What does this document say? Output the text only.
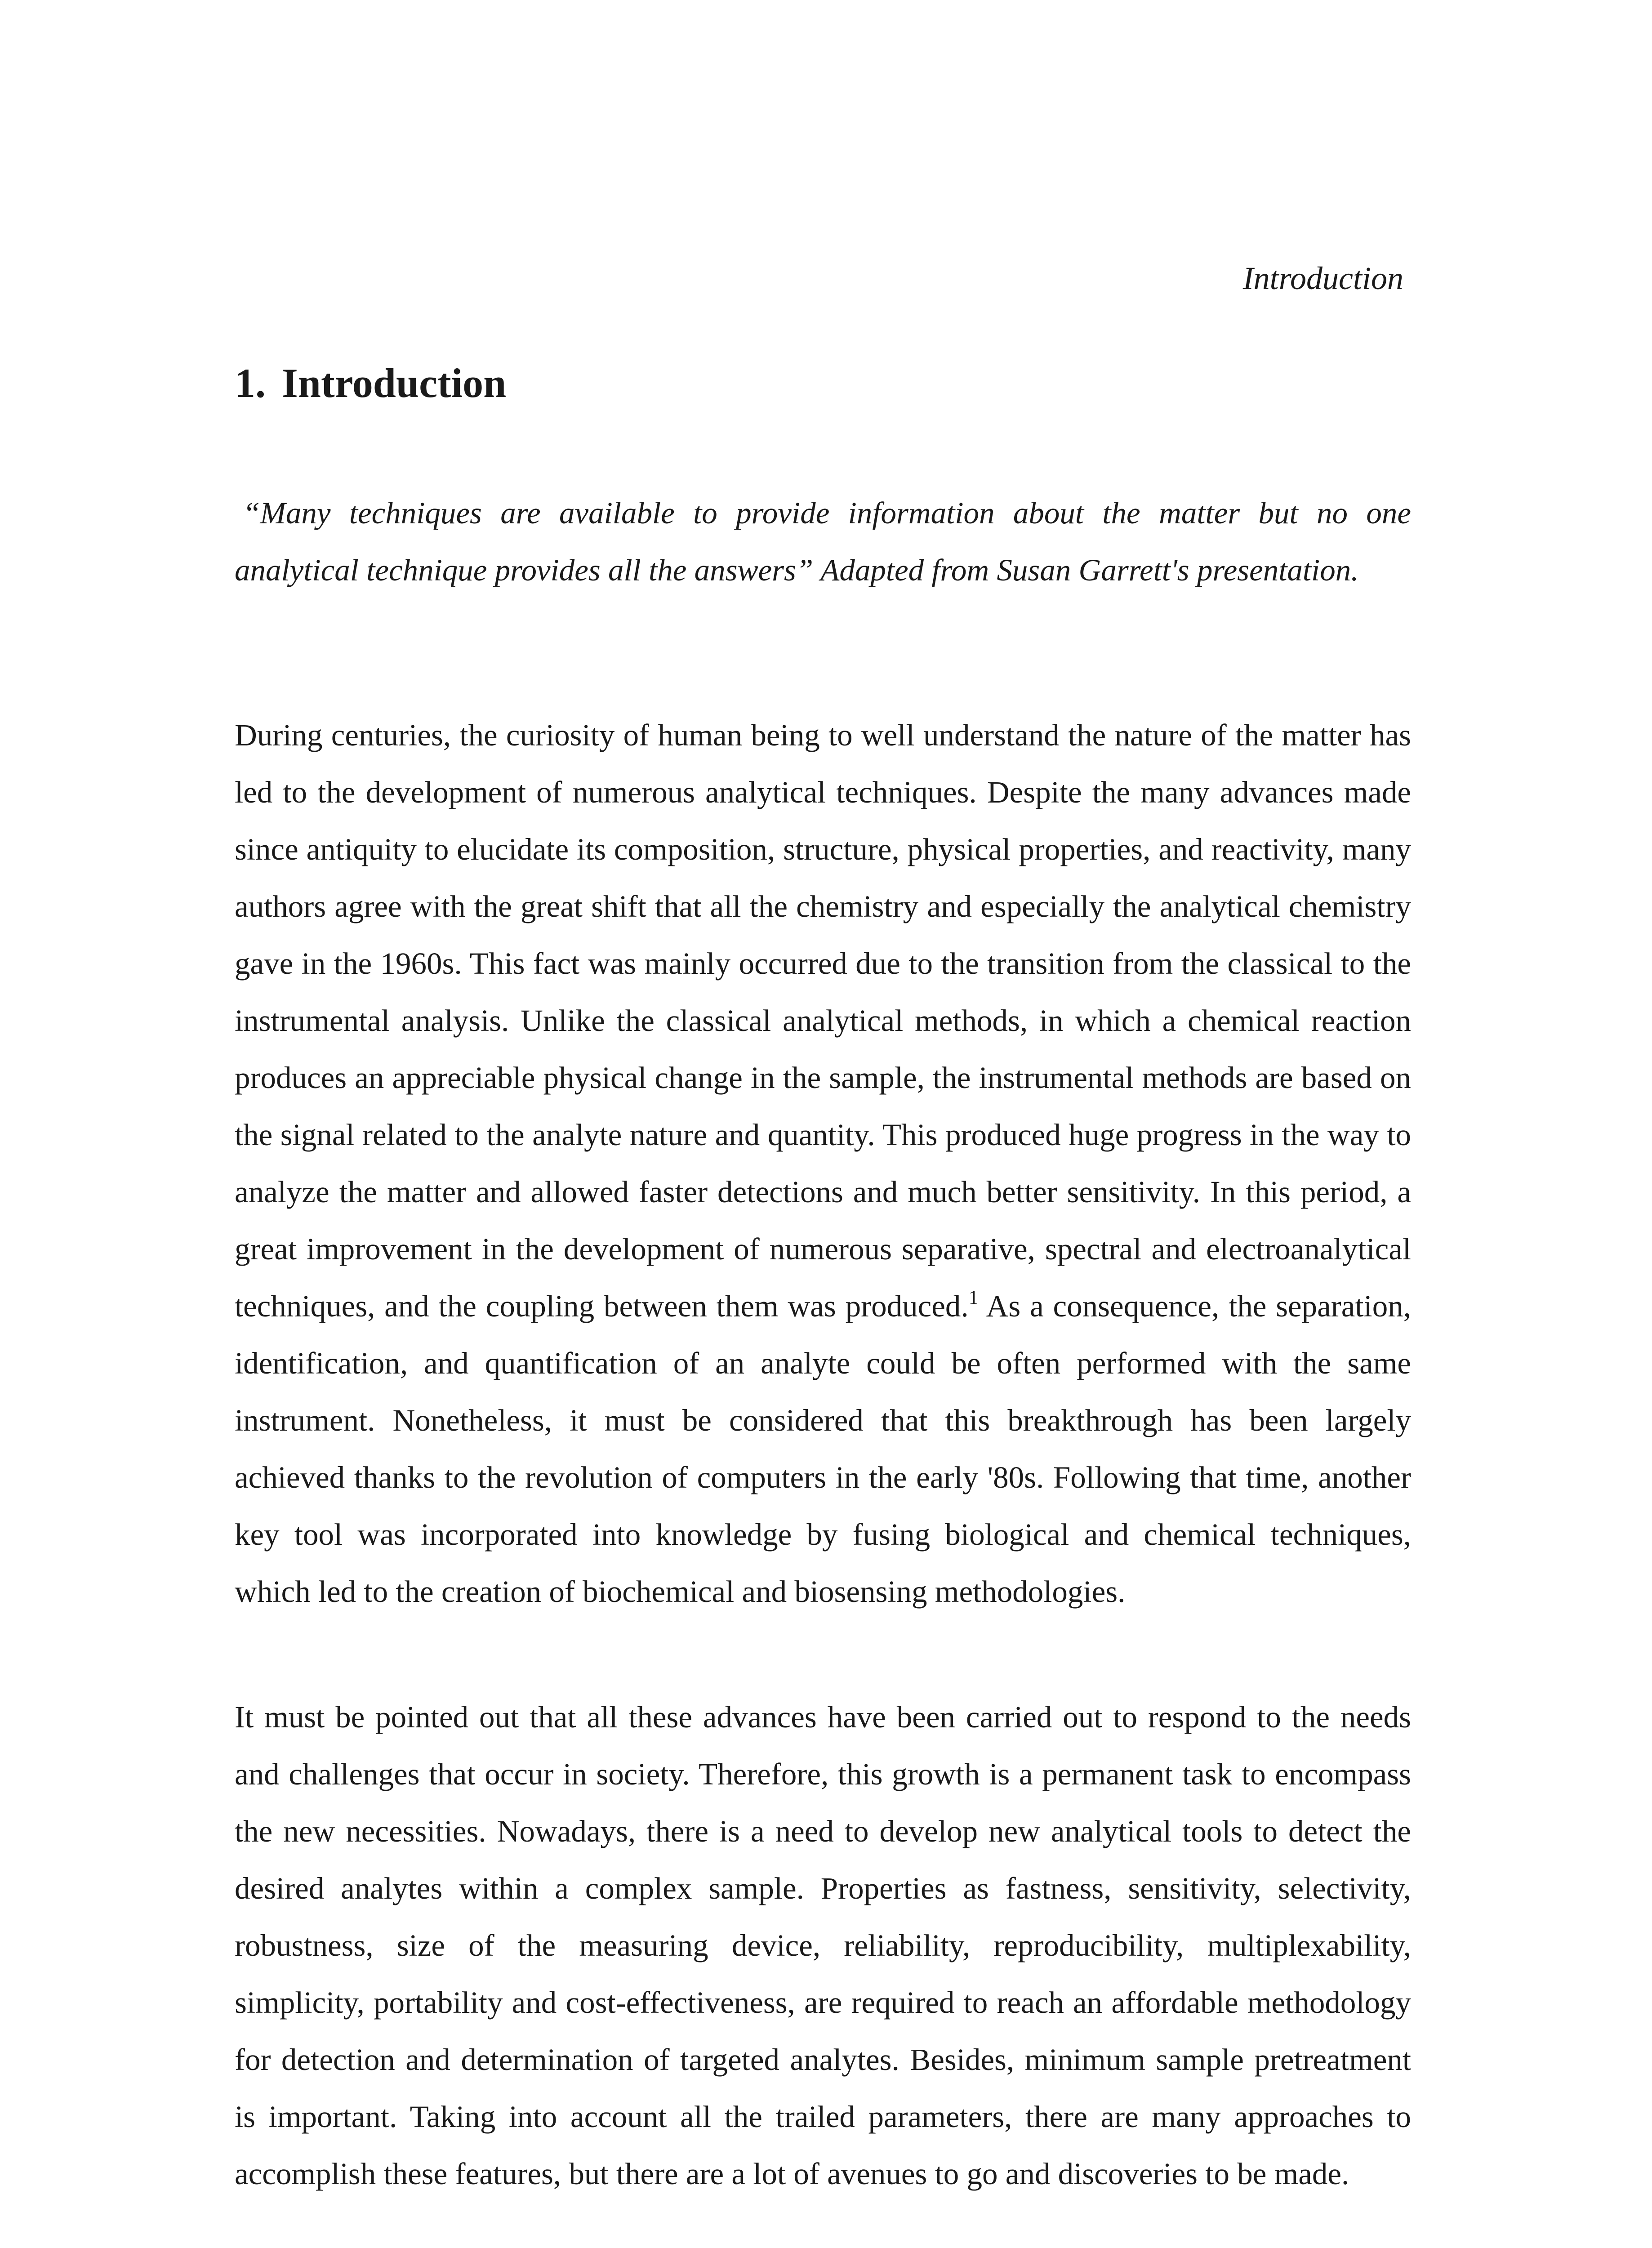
Introduction
1. Introduction

“Many techniques are available to provide information about the matter but no one analytical technique provides all the answers” Adapted from Susan Garrett's presentation.

During centuries, the curiosity of human being to well understand the nature of the matter has led to the development of numerous analytical techniques. Despite the many advances made since antiquity to elucidate its composition, structure, physical properties, and reactivity, many authors agree with the great shift that all the chemistry and especially the analytical chemistry gave in the 1960s. This fact was mainly occurred due to the transition from the classical to the instrumental analysis. Unlike the classical analytical methods, in which a chemical reaction produces an appreciable physical change in the sample, the instrumental methods are based on the signal related to the analyte nature and quantity. This produced huge progress in the way to analyze the matter and allowed faster detections and much better sensitivity. In this period, a great improvement in the development of numerous separative, spectral and electroanalytical techniques, and the coupling between them was produced.$^1$ As a consequence, the separation, identification, and quantification of an analyte could be often performed with the same instrument. Nonetheless, it must be considered that this breakthrough has been largely achieved thanks to the revolution of computers in the early '80s. Following that time, another key tool was incorporated into knowledge by fusing biological and chemical techniques, which led to the creation of biochemical and biosensing methodologies.

It must be pointed out that all these advances have been carried out to respond to the needs and challenges that occur in society. Therefore, this growth is a permanent task to encompass the new necessities. Nowadays, there is a need to develop new analytical tools to detect the desired analytes within a complex sample. Properties as fastness, sensitivity, selectivity, robustness, size of the measuring device, reliability, reproducibility, multiplexability, simplicity, portability and cost-effectiveness, are required to reach an affordable methodology for detection and determination of targeted analytes. Besides, minimum sample pretreatment is important. Taking into account all the trailed parameters, there are many approaches to accomplish these features, but there are a lot of avenues to go and discoveries to be made.
